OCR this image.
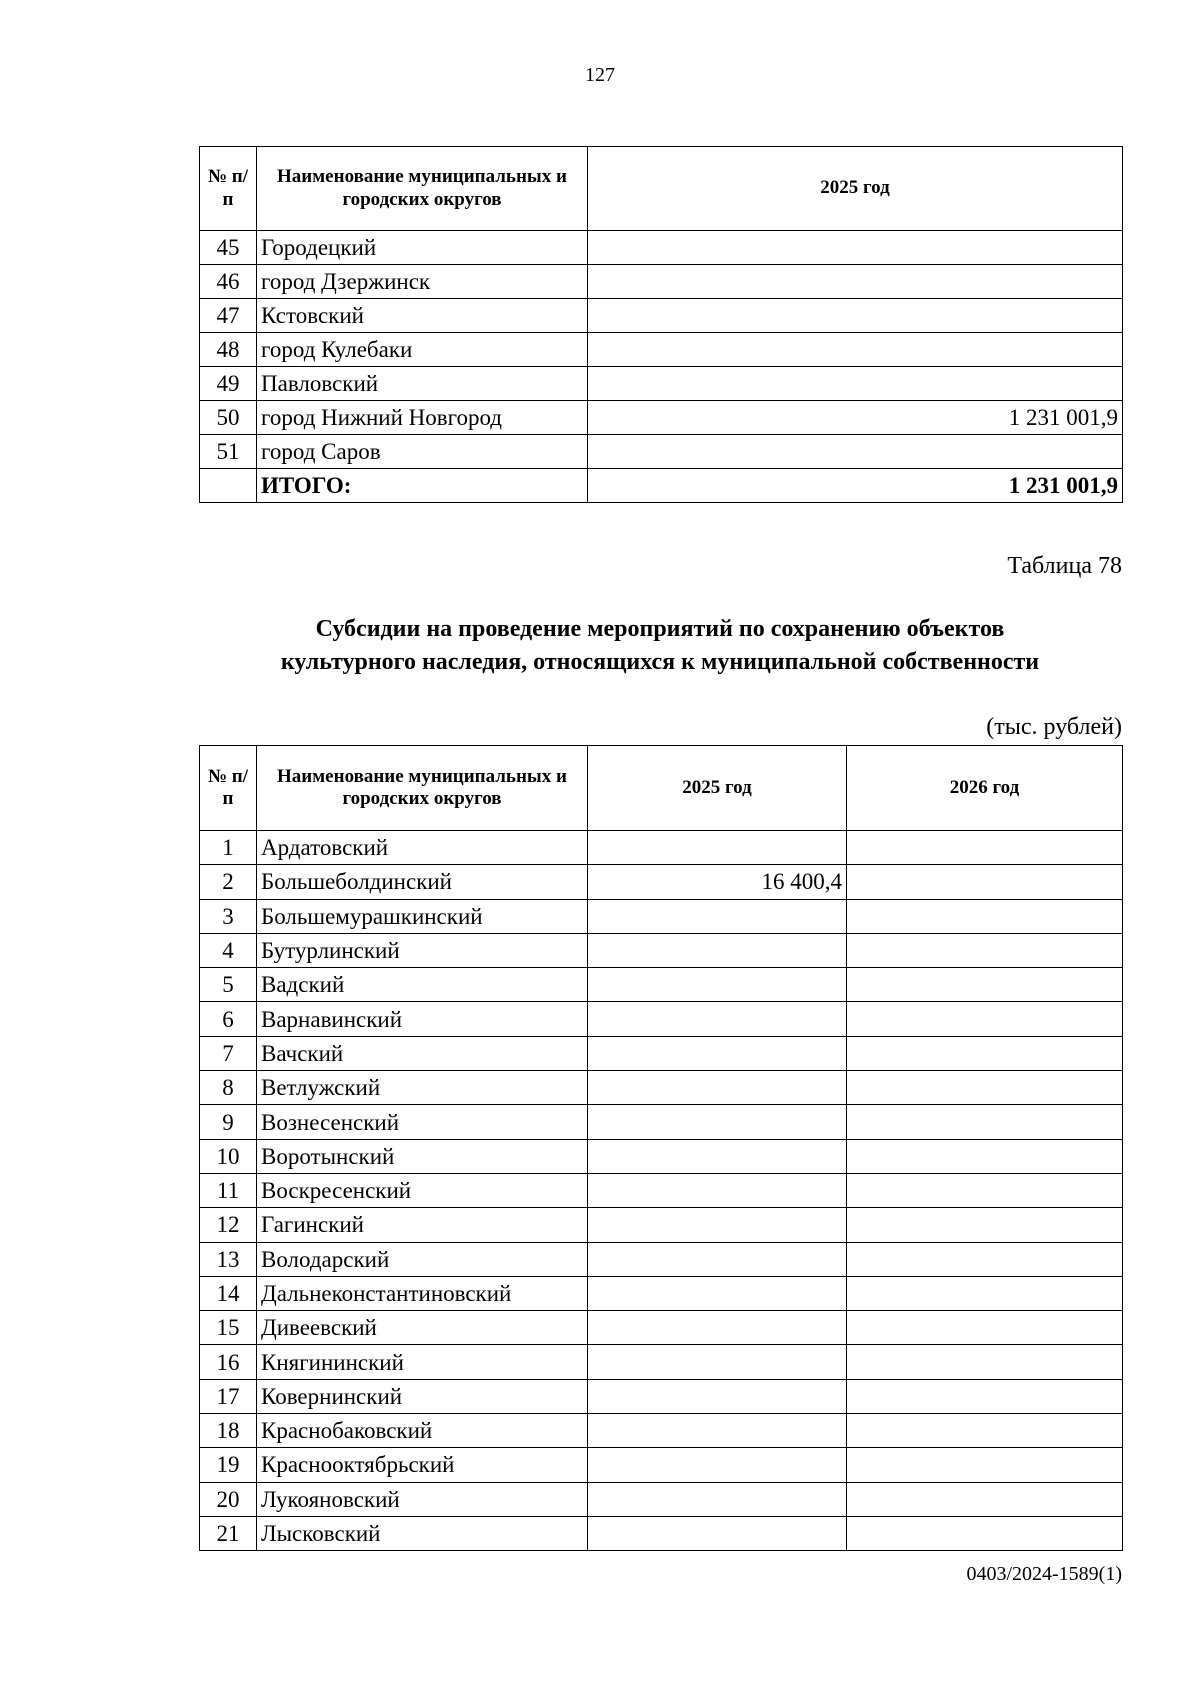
127
№ п/п	Наименование муниципальных и городских округов	2025 год
45	Городецкий	
46	город Дзержинск	
47	Кстовский	
48	город Кулебаки	
49	Павловский	
50	город Нижний Новгород	1 231 001,9
51	город Саров	
	ИТОГО:	1 231 001,9
Таблица 78
Субсидии на проведение мероприятий по сохранению объектов
культурного наследия, относящихся к муниципальной собственности
(тыс. рублей)
№ п/п	Наименование муниципальных и городских округов	2025 год	2026 год
1	Ардатовский		
2	Большеболдинский	16 400,4	
3	Большемурашкинский		
4	Бутурлинский		
5	Вадский		
6	Варнавинский		
7	Вачский		
8	Ветлужский		
9	Вознесенский		
10	Воротынский		
11	Воскресенский		
12	Гагинский		
13	Володарский		
14	Дальнеконстантиновский		
15	Дивеевский		
16	Княгининский		
17	Ковернинский		
18	Краснобаковский		
19	Краснооктябрьский		
20	Лукояновский		
21	Лысковский		
0403/2024-1589(1)
